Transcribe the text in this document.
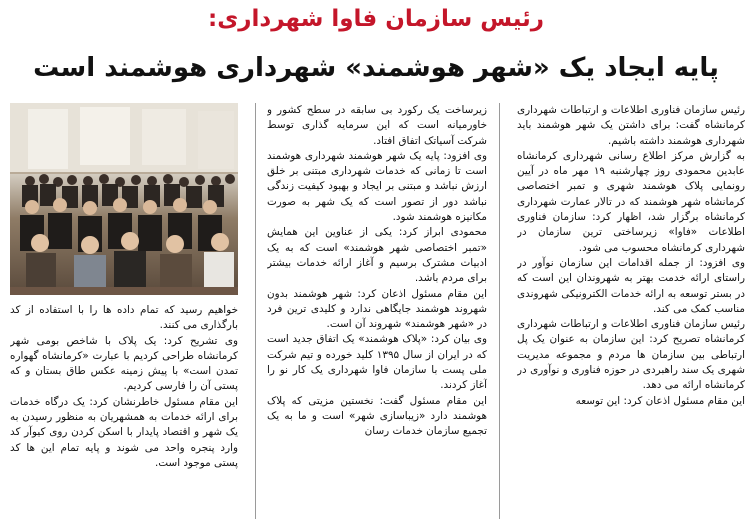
رئیس سازمان فاوا شهرداری:
پایه ایجاد یک «شهر هوشمند» شهرداری هوشمند است

رئیس سازمان فناوری اطلاعات و ارتباطات شهرداری کرمانشاه گفت: برای داشتن یک شهر هوشمند باید شهرداری هوشمند داشته باشیم.

به گزارش مرکز اطلاع رسانی شهرداری کرمانشاه عابدین محمودی روز چهارشنبه ۱۹ مهر ماه در آیین رونمایی پلاک هوشمند شهری و تمبر اختصاصی کرمانشاه شهر هوشمند که در تالار عمارت شهرداری کرمانشاه برگزار شد، اظهار کرد: سازمان فناوری اطلاعات «فاوا» زیرساختی ترین سازمان در شهرداری کرمانشاه محسوب می شود.

وی افزود: از جمله اقدامات این سازمان نوآور در راستای ارائه خدمت بهتر به شهروندان این است که در بستر توسعه به ارائه خدمات الکترونیکی شهروندی مناسب کمک می کند.

رئیس سازمان فناوری اطلاعات و ارتباطات شهرداری کرمانشاه تصریح کرد: این سازمان به عنوان یک پل ارتباطی بین سازمان ها مردم و مجموعه مدیریت شهری یک سند راهبردی در حوزه فناوری و نوآوری در کرمانشاه ارائه می دهد.

این مقام مسئول اذعان کرد: این توسعه

زیرساخت یک رکورد بی سابقه در سطح کشور و خاورمیانه است که این سرمایه گذاری توسط شرکت آسیاتک اتفاق افتاد.

وی افزود: پایه یک شهر هوشمند شهرداری هوشمند است تا زمانی که خدمات شهرداری مبتنی بر خلق ارزش نباشد و مبتنی بر ایجاد و بهبود کیفیت زندگی نباشد دور از تصور است که یک شهر به صورت مکانیزه هوشمند شود.

محمودی ابراز کرد: یکی از عناوین این همایش «تمبر اختصاصی شهر هوشمند» است که به یک ادبیات مشترک برسیم و آغاز ارائه خدمات بیشتر برای مردم باشد.

این مقام مسئول اذعان کرد: شهر هوشمند بدون شهروند هوشمند جایگاهی ندارد و کلیدی ترین فرد در «شهر هوشمند» شهروند آن است.

وی بیان کرد: «پلاک هوشمند» یک اتفاق جدید است که در ایران از سال ۱۳۹۵ کلید خورده و تیم شرکت ملی پست با سازمان فاوا شهرداری یک کار نو را آغاز کردند.

این مقام مسئول گفت: نخستین مزیتی که پلاک هوشمند دارد «زیباسازی شهر» است و ما به یک تجمیع سازمان خدمات رسان

خواهیم رسید که تمام داده ها را با استفاده از کد بارگذاری می کنند.

وی تشریح کرد: یک پلاک با شاخص بومی شهر کرمانشاه طراحی کردیم با عبارت «کرمانشاه گهواره تمدن است» با پیش زمینه عکس طاق بستان و که پستی آن را فارسی کردیم.

این مقام مسئول خاطرنشان کرد: یک درگاه خدمات برای ارائه خدمات به همشهریان به منظور رسیدن به یک شهر و اقتصاد پایدار با اسکن کردن روی کیوآر کد وارد پنجره واحد می شوند و پایه تمام این ها کد پستی موجود است.
